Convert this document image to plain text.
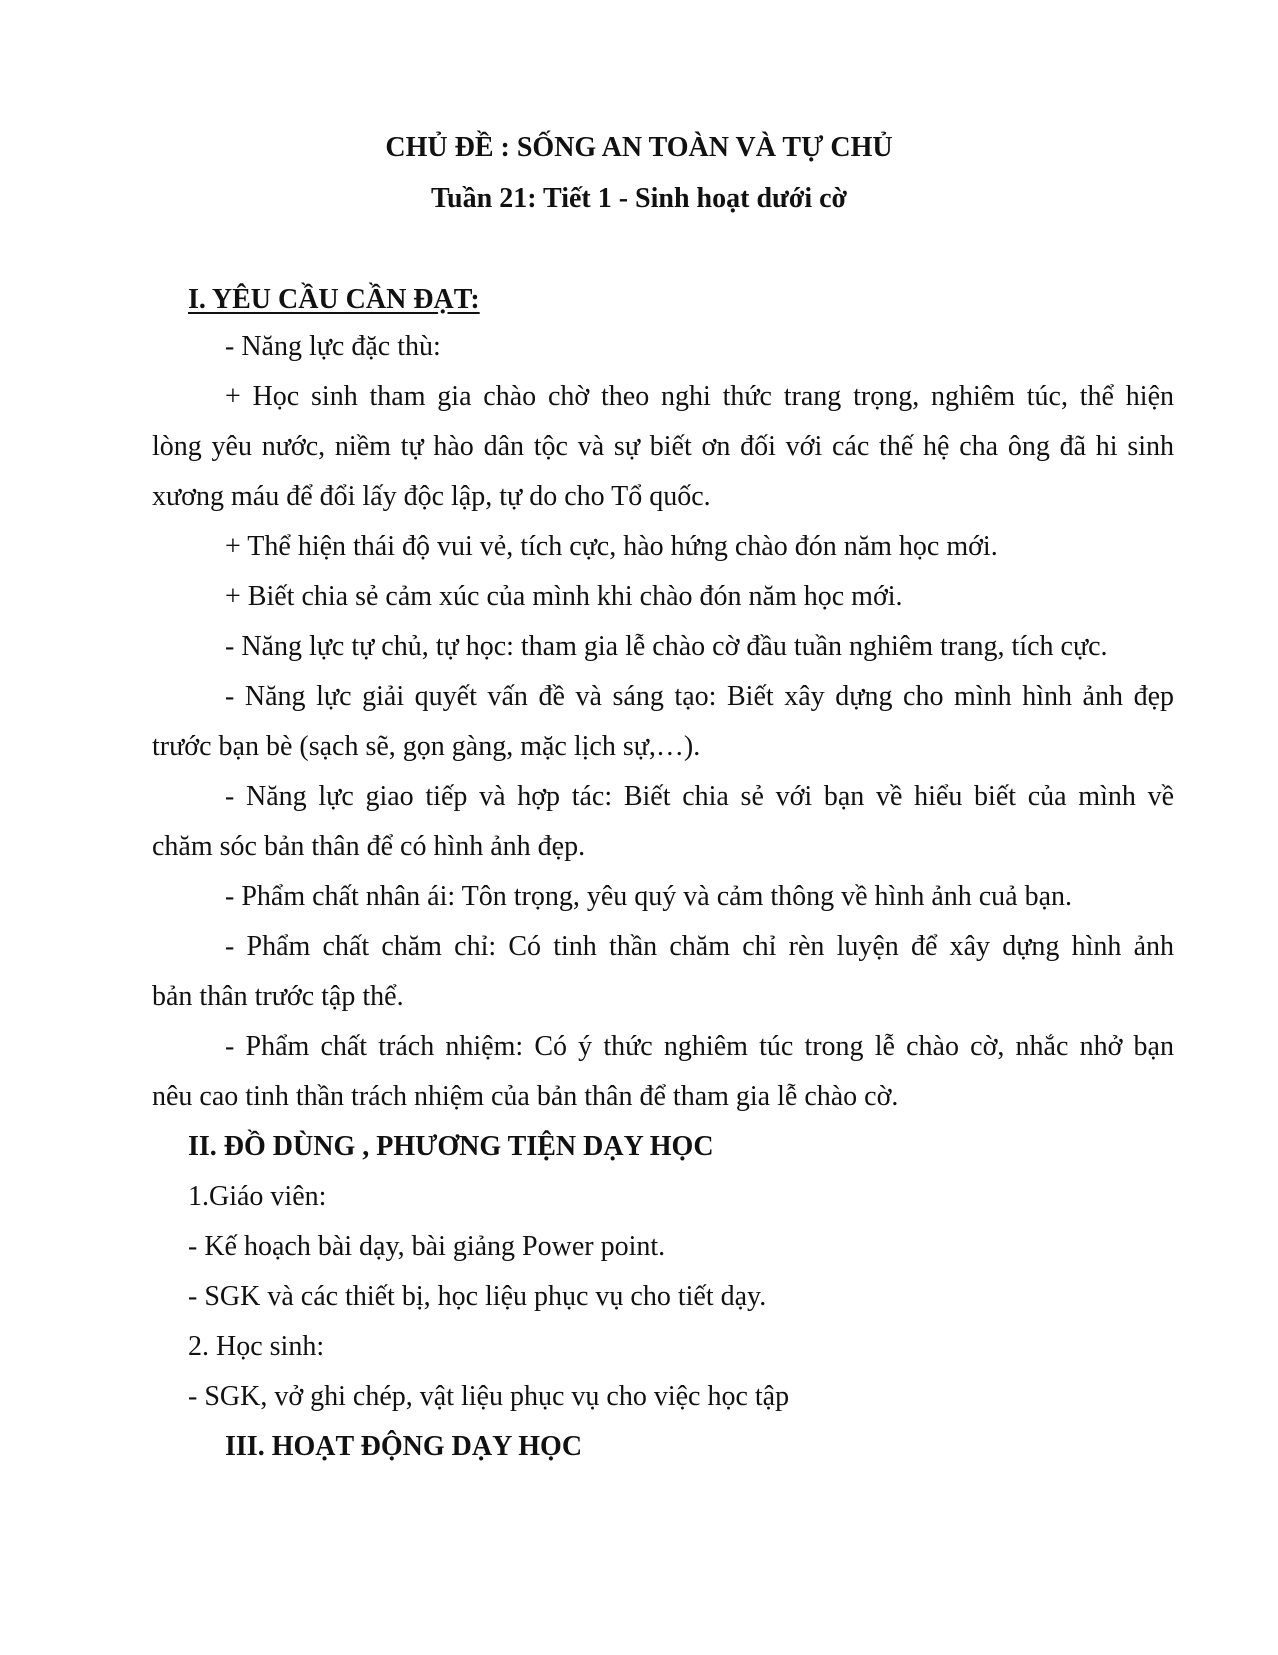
CHỦ ĐỀ : SỐNG AN TOÀN VÀ TỰ CHỦ
Tuần 21: Tiết 1 - Sinh hoạt dưới cờ
I. YÊU CẦU CẦN ĐẠT:
- Năng lực đặc thù:
+ Học sinh tham gia chào chờ theo nghi thức trang trọng, nghiêm túc, thể hiện
lòng yêu nước, niềm tự hào dân tộc và sự biết ơn đối với các thế hệ cha ông đã hi sinh
xương máu để đổi lấy độc lập, tự do cho Tổ quốc.
+ Thể hiện thái độ vui vẻ, tích cực, hào hứng chào đón năm học mới.
+ Biết chia sẻ cảm xúc của mình khi chào đón năm học mới.
- Năng lực tự chủ, tự học: tham gia lễ chào cờ đầu tuần nghiêm trang, tích cực.
- Năng lực giải quyết vấn đề và sáng tạo: Biết xây dựng cho mình hình ảnh đẹp
trước bạn bè (sạch sẽ, gọn gàng, mặc lịch sự,…).
- Năng lực giao tiếp và hợp tác: Biết chia sẻ với bạn về hiểu biết của mình về
chăm sóc bản thân để có hình ảnh đẹp.
- Phẩm chất nhân ái: Tôn trọng, yêu quý và cảm thông về hình ảnh cuả bạn.
- Phẩm chất chăm chỉ: Có tinh thần chăm chỉ rèn luyện để xây dựng hình ảnh
bản thân trước tập thể.
- Phẩm chất trách nhiệm: Có ý thức nghiêm túc trong lễ chào cờ, nhắc nhở bạn
nêu cao tinh thần trách nhiệm của bản thân để tham gia lễ chào cờ.
II. ĐỒ DÙNG , PHƯƠNG TIỆN DẠY HỌC
1.Giáo viên:
- Kế hoạch bài dạy, bài giảng Power point.
- SGK và các thiết bị, học liệu phục vụ cho tiết dạy.
2. Học sinh:
- SGK, vở ghi chép, vật liệu phục vụ cho việc học tập
III. HOẠT ĐỘNG DẠY HỌC
